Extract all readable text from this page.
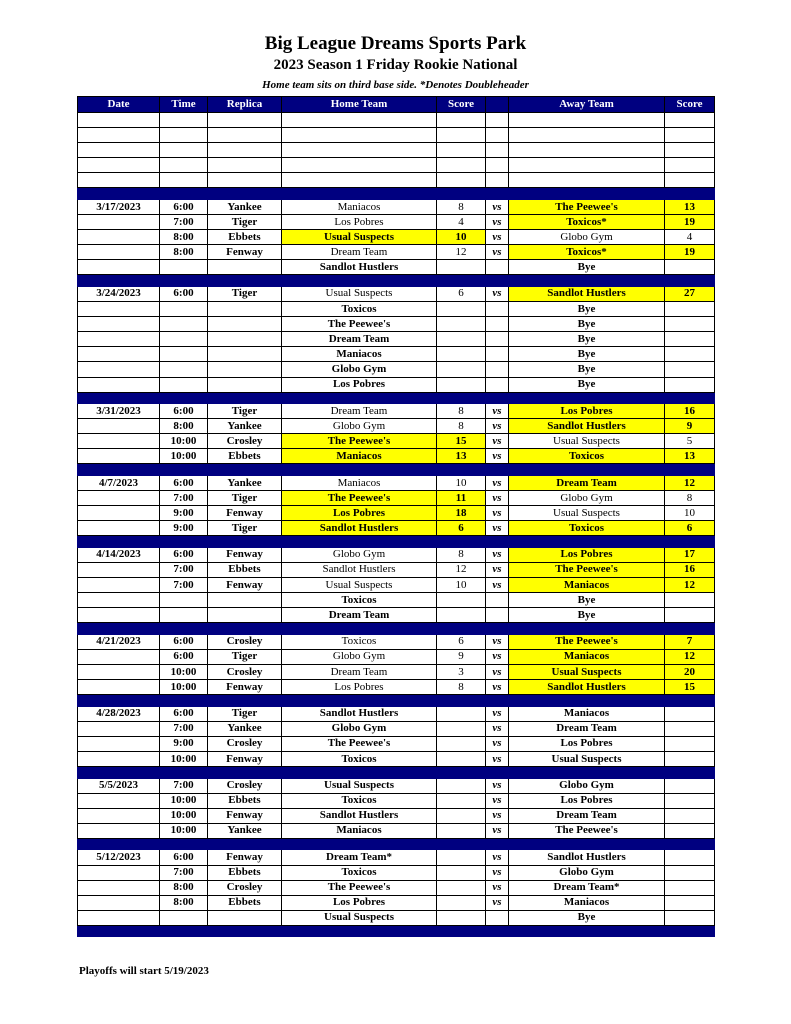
Big League Dreams Sports Park
2023 Season 1 Friday Rookie National
Home team sits on third base side. *Denotes Doubleheader
Date	Time	Replica	Home Team	Score		Away Team	Score

3/17/2023	6:00	Yankee	Maniacos	8	vs	The Peewee's	13
	7:00	Tiger	Los Pobres	4	vs	Toxicos*	19
	8:00	Ebbets	Usual Suspects	10	vs	Globo Gym	4
	8:00	Fenway	Dream Team	12	vs	Toxicos*	19
			Sandlot Hustlers			Bye	

3/24/2023	6:00	Tiger	Usual Suspects	6	vs	Sandlot Hustlers	27
			Toxicos			Bye	
			The Peewee's			Bye	
			Dream Team			Bye	
			Maniacos			Bye	
			Globo Gym			Bye	
			Los Pobres			Bye	

3/31/2023	6:00	Tiger	Dream Team	8	vs	Los Pobres	16
	8:00	Yankee	Globo Gym	8	vs	Sandlot Hustlers	9
	10:00	Crosley	The Peewee's	15	vs	Usual Suspects	5
	10:00	Ebbets	Maniacos	13	vs	Toxicos	13

4/7/2023	6:00	Yankee	Maniacos	10	vs	Dream Team	12
	7:00	Tiger	The Peewee's	11	vs	Globo Gym	8
	9:00	Fenway	Los Pobres	18	vs	Usual Suspects	10
	9:00	Tiger	Sandlot Hustlers	6	vs	Toxicos	6

4/14/2023	6:00	Fenway	Globo Gym	8	vs	Los Pobres	17
	7:00	Ebbets	Sandlot Hustlers	12	vs	The Peewee's	16
	7:00	Fenway	Usual Suspects	10	vs	Maniacos	12
			Toxicos			Bye	
			Dream Team			Bye	

4/21/2023	6:00	Crosley	Toxicos	6	vs	The Peewee's	7
	6:00	Tiger	Globo Gym	9	vs	Maniacos	12
	10:00	Crosley	Dream Team	3	vs	Usual Suspects	20
	10:00	Fenway	Los Pobres	8	vs	Sandlot Hustlers	15

4/28/2023	6:00	Tiger	Sandlot Hustlers		vs	Maniacos	
	7:00	Yankee	Globo Gym		vs	Dream Team	
	9:00	Crosley	The Peewee's		vs	Los Pobres	
	10:00	Fenway	Toxicos		vs	Usual Suspects	

5/5/2023	7:00	Crosley	Usual Suspects		vs	Globo Gym	
	10:00	Ebbets	Toxicos		vs	Los Pobres	
	10:00	Fenway	Sandlot Hustlers		vs	Dream Team	
	10:00	Yankee	Maniacos		vs	The Peewee's	

5/12/2023	6:00	Fenway	Dream Team*		vs	Sandlot Hustlers	
	7:00	Ebbets	Toxicos		vs	Globo Gym	
	8:00	Crosley	The Peewee's		vs	Dream Team*	
	8:00	Ebbets	Los Pobres		vs	Maniacos	
			Usual Suspects			Bye	

Playoffs will start 5/19/2023
